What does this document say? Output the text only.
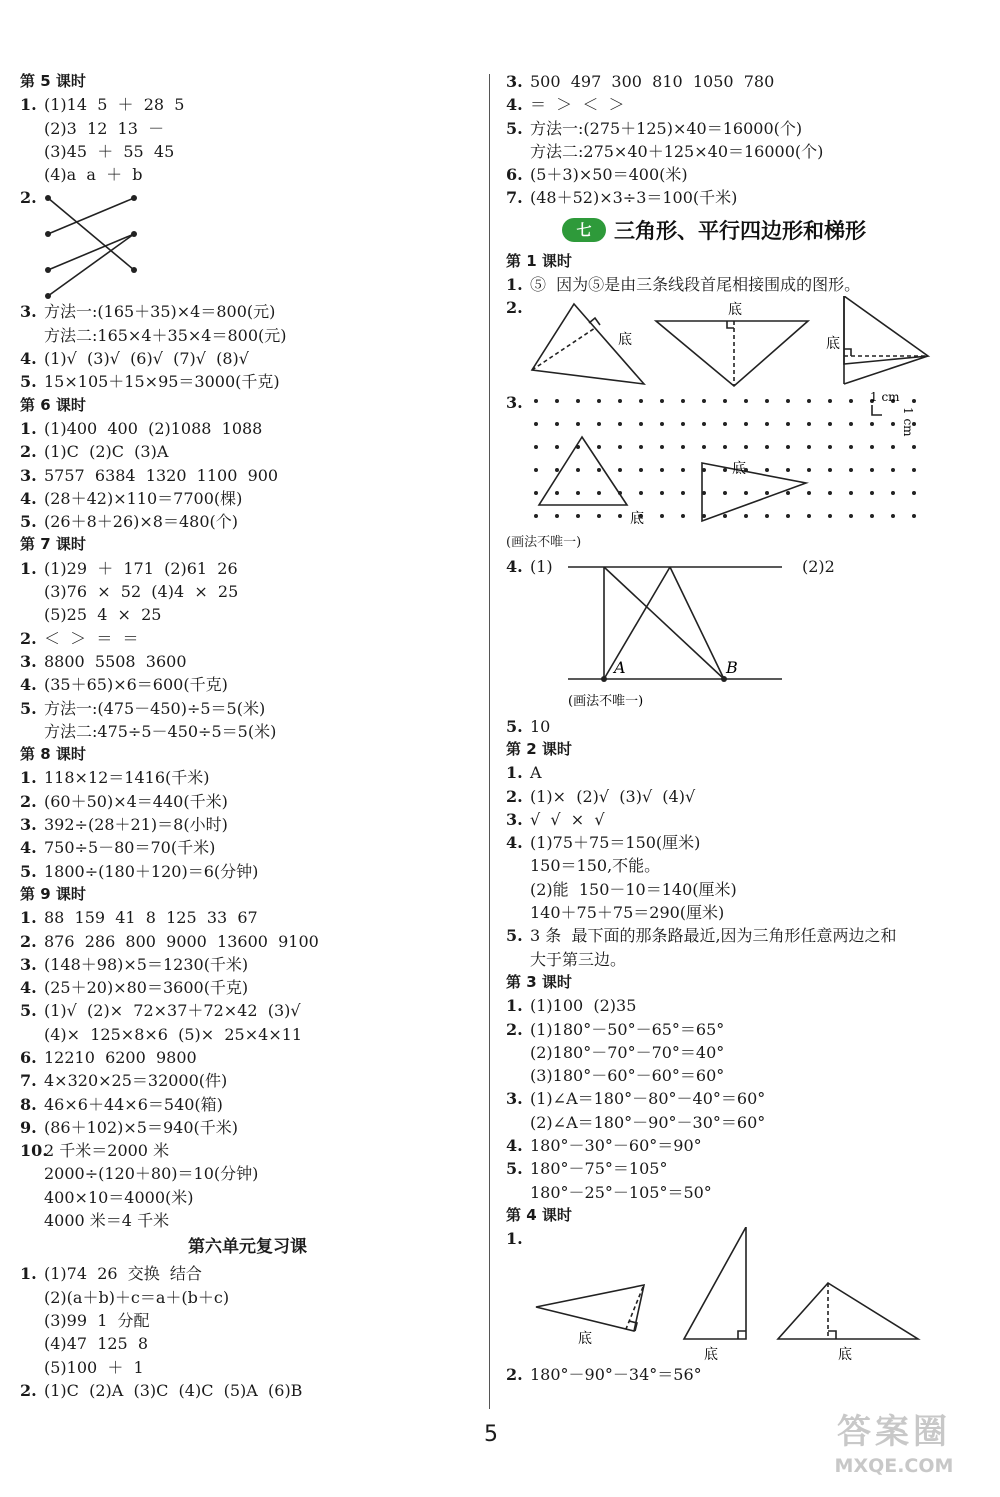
第 5 课时
1. (1)14  5  ＋  28  5
(2)3  12  13  －
(3)45  ＋  55  45
(4)a  a  ＋  b
2.
3. 方法一:(165＋35)×4＝800(元)
方法二:165×4＋35×4＝800(元)
4. (1)√  (3)√  (6)√  (7)√  (8)√
5. 15×105＋15×95＝3000(千克)
第 6 课时
1. (1)400  400  (2)1088  1088
2. (1)C  (2)C  (3)A
3. 5757  6384  1320  1100  900
4. (28＋42)×110＝7700(棵)
5. (26＋8＋26)×8＝480(个)
第 7 课时
1. (1)29  ＋  171  (2)61  26
(3)76  ×  52  (4)4  ×  25
(5)25  4  ×  25
2. ＜  ＞  ＝  ＝
3. 8800  5508  3600
4. (35＋65)×6＝600(千克)
5. 方法一:(475－450)÷5＝5(米)
方法二:475÷5－450÷5＝5(米)
第 8 课时
1. 118×12＝1416(千米)
2. (60＋50)×4＝440(千米)
3. 392÷(28＋21)＝8(小时)
4. 750÷5－80＝70(千米)
5. 1800÷(180＋120)＝6(分钟)
第 9 课时
1. 88  159  41  8  125  33  67
2. 876  286  800  9000  13600  9100
3. (148＋98)×5＝1230(千米)
4. (25＋20)×80＝3600(千克)
5. (1)√  (2)×  72×37＋72×42  (3)√
(4)×  125×8×6  (5)×  25×4×11
6. 12210  6200  9800
7. 4×320×25＝32000(件)
8. 46×6＋44×6＝540(箱)
9. (86＋102)×5＝940(千米)
10.2 千米＝2000 米
2000÷(120＋80)＝10(分钟)
400×10＝4000(米)
4000 米＝4 千米
第六单元复习课
1. (1)74  26  交换  结合
(2)(a＋b)＋c＝a＋(b＋c)
(3)99  1  分配
(4)47  125  8
(5)100  ＋  1
2. (1)C  (2)A  (3)C  (4)C  (5)A  (6)B
3. 500  497  300  810  1050  780
4. ＝  ＞  ＜  ＞
5. 方法一:(275＋125)×40＝16000(个)
方法二:275×40＋125×40＝16000(个)
6. (5＋3)×50＝400(米)
7. (48＋52)×3÷3＝100(千米)
七	三角形、平行四边形和梯形
第 1 课时
1. ⑤  因为⑤是由三条线段首尾相接围成的图形。
2.
底
底
底
3.	1 cm
1 cm
底
底
(画法不唯一)
4. (1)	(2)2
A	B
(画法不唯一)
5. 10
第 2 课时
1. A
2. (1)×  (2)√  (3)√  (4)√
3. √  √  ×  √
4. (1)75＋75＝150(厘米)
150＝150,不能。
(2)能  150－10＝140(厘米)
140＋75＋75＝290(厘米)
5. 3 条  最下面的那条路最近,因为三角形任意两边之和
大于第三边。
第 3 课时
1. (1)100  (2)35
2. (1)180°－50°－65°＝65°
(2)180°－70°－70°＝40°
(3)180°－60°－60°＝60°
3. (1)∠A＝180°－80°－40°＝60°
(2)∠A＝180°－90°－30°＝60°
4. 180°－30°－60°＝90°
5. 180°－75°＝105°
180°－25°－105°＝50°
第 4 课时
1.
底
底	底
2. 180°－90°－34°＝56°
5	答案圈
MXQE.COM
